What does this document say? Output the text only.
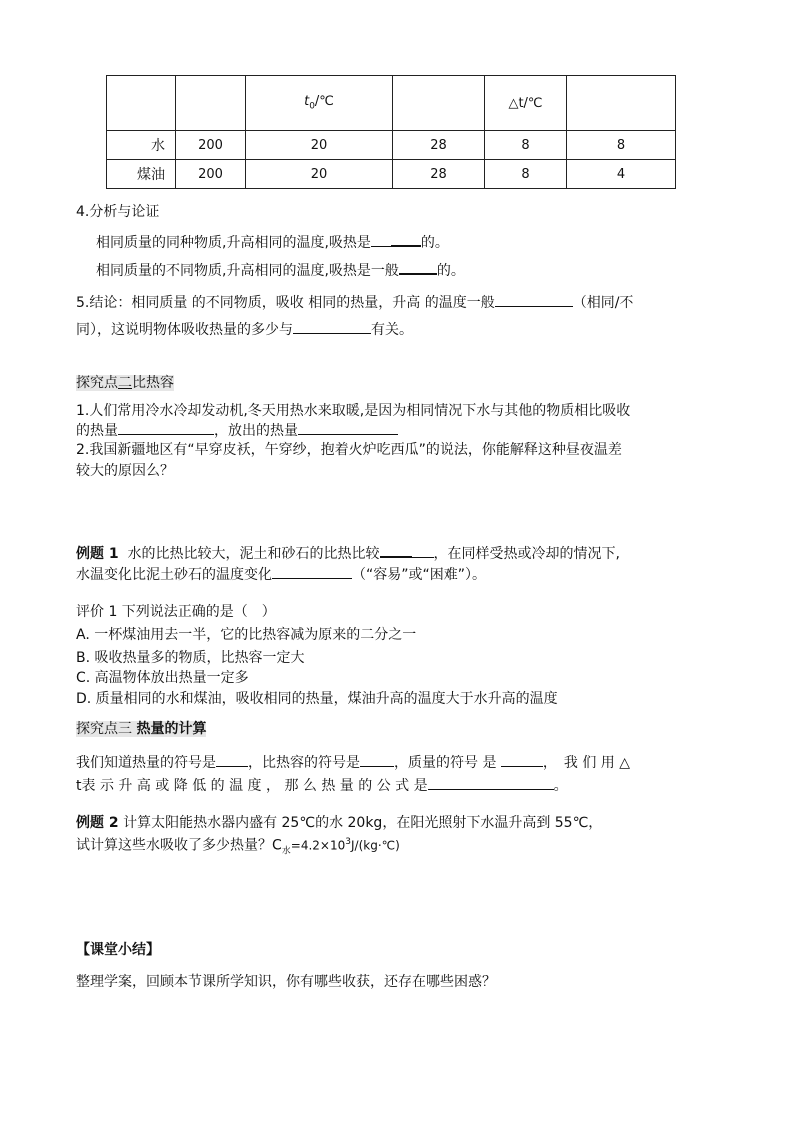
		$t_0/℃$		△t/℃	
水	200	20	28	8	8
煤油	200	20	28	8	4
4.分析与论证
相同质量的同种物质,升高相同的温度,吸热是	的。
相同质量的不同物质,升高相同的温度,吸热是一般	的。
5.结论：相同质量 的不同物质，吸收 相同的热量，升高 的温度一般	（相同/不
同），这说明物体吸收热量的多少与	有关。
探究点二比热容
1.人们常用冷水冷却发动机,冬天用热水来取暖,是因为相同情况下水与其他的物质相比吸收
的热量	，放出的热量
2.我国新疆地区有“早穿皮袄，午穿纱，抱着火炉吃西瓜”的说法，你能解释这种昼夜温差
较大的原因么？
例题 1 水的比热比较大，泥土和砂石的比热比较	，在同样受热或冷却的情况下,
水温变化比泥土砂石的温度变化	（“容易”或“困难”）。
评价 1 下列说法正确的是（　）
A. 一杯煤油用去一半，它的比热容减为原来的二分之一
B. 吸收热量多的物质，比热容一定大
C. 高温物体放出热量一定多
D. 质量相同的水和煤油，吸收相同的热量，煤油升高的温度大于水升高的温度
探究点三 热量的计算
我们知道热量的符号是 ，比热容的符号是 ，质量的符号 是	，　我 们 用 △
t表 示 升 高 或 降 低 的 温 度 ， 那 么 热 量 的 公 式 是	。
例题 2 计算太阳能热水器内盛有 25℃的水 20kg，在阳光照射下水温升高到 55℃，
试计算这些水吸收了多少热量？$C_水=4.2\times 10^3J/(kg\cdot℃)$
【课堂小结】
整理学案，回顾本节课所学知识，你有哪些收获，还存在哪些困惑？
